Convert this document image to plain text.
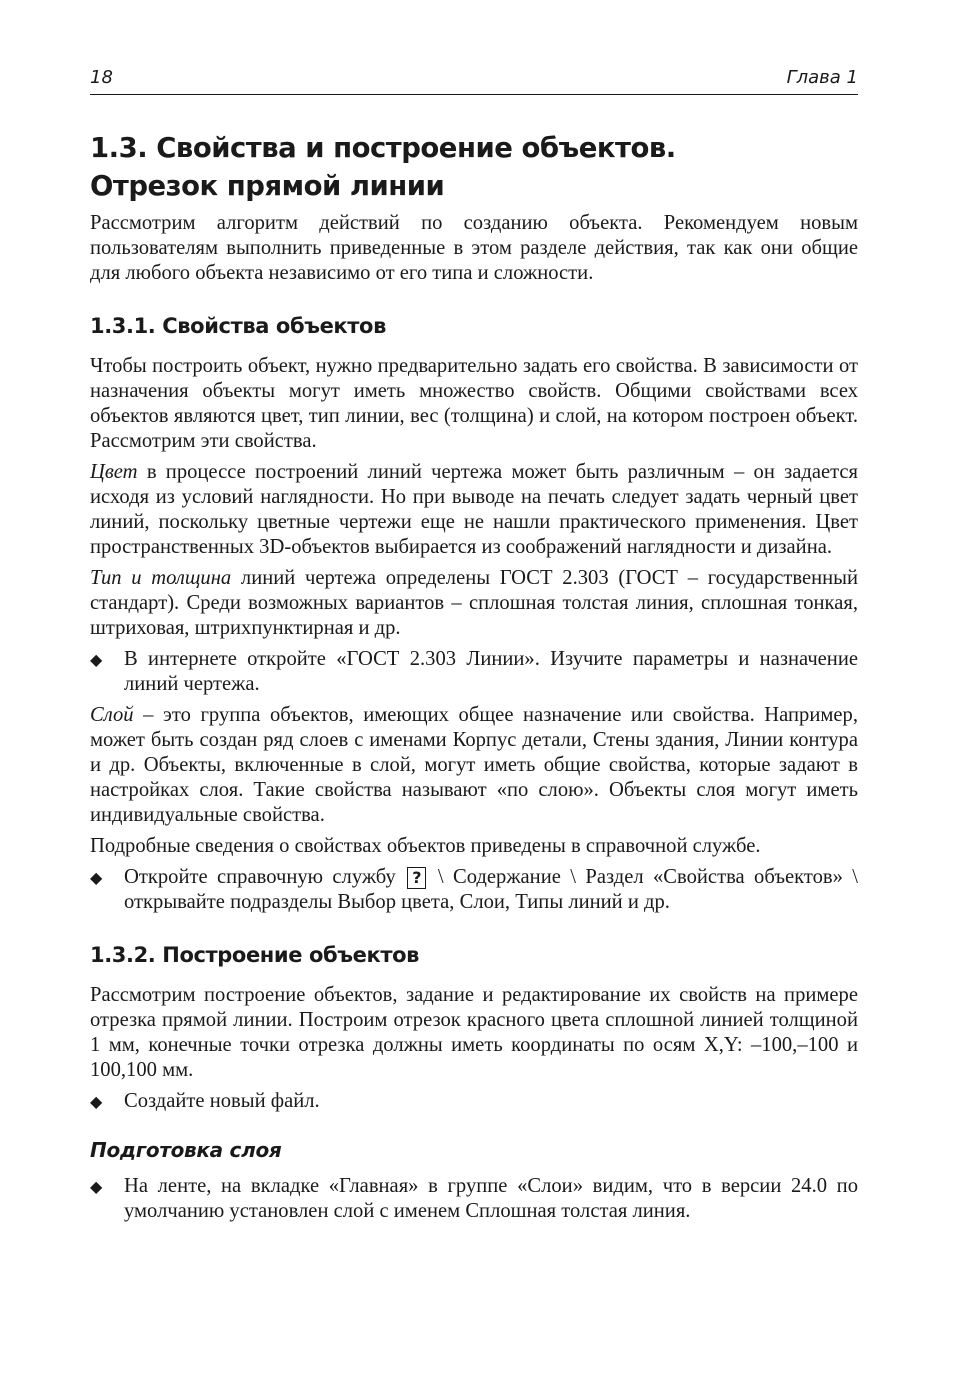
18	Глава 1
1.3. Свойства и построение объектов.
Отрезок прямой линии

Рассмотрим алгоритм действий по созданию объекта. Рекомендуем новым пользователям выполнить приведенные в этом разделе действия, так как они общие для любого объекта независимо от его типа и сложности.

1.3.1. Свойства объектов

Чтобы построить объект, нужно предварительно задать его свойства. В зависимости от назначения объекты могут иметь множество свойств. Общими свойствами всех объектов являются цвет, тип линии, вес (толщина) и слой, на котором построен объект. Рассмотрим эти свойства.

Цвет в процессе построений линий чертежа может быть различным – он задается исходя из условий наглядности. Но при выводе на печать следует задать черный цвет линий, поскольку цветные чертежи еще не нашли практического применения. Цвет пространственных 3D-объектов выбирается из соображений наглядности и дизайна.

Тип и толщина линий чертежа определены ГОСТ 2.303 (ГОСТ – государственный стандарт). Среди возможных вариантов – сплошная толстая линия, сплошная тонкая, штриховая, штрихпунктирная и др.

◆ В интернете откройте «ГОСТ 2.303 Линии». Изучите параметры и назначение линий чертежа.

Слой – это группа объектов, имеющих общее назначение или свойства. Например, может быть создан ряд слоев с именами Корпус детали, Стены здания, Линии контура и др. Объекты, включенные в слой, могут иметь общие свойства, которые задают в настройках слоя. Такие свойства называют «по слою». Объекты слоя могут иметь индивидуальные свойства.

Подробные сведения о свойствах объектов приведены в справочной службе.

◆ Откройте справочную службу ? \ Содержание \ Раздел «Свойства объектов» \ открывайте подразделы Выбор цвета, Слои, Типы линий и др.

1.3.2. Построение объектов

Рассмотрим построение объектов, задание и редактирование их свойств на примере отрезка прямой линии. Построим отрезок красного цвета сплошной линией толщиной 1 мм, конечные точки отрезка должны иметь координаты по осям X,Y: –100,–100 и 100,100 мм.

◆ Создайте новый файл.

Подготовка слоя

◆ На ленте, на вкладке «Главная» в группе «Слои» видим, что в версии 24.0 по умолчанию установлен слой с именем Сплошная толстая линия.
